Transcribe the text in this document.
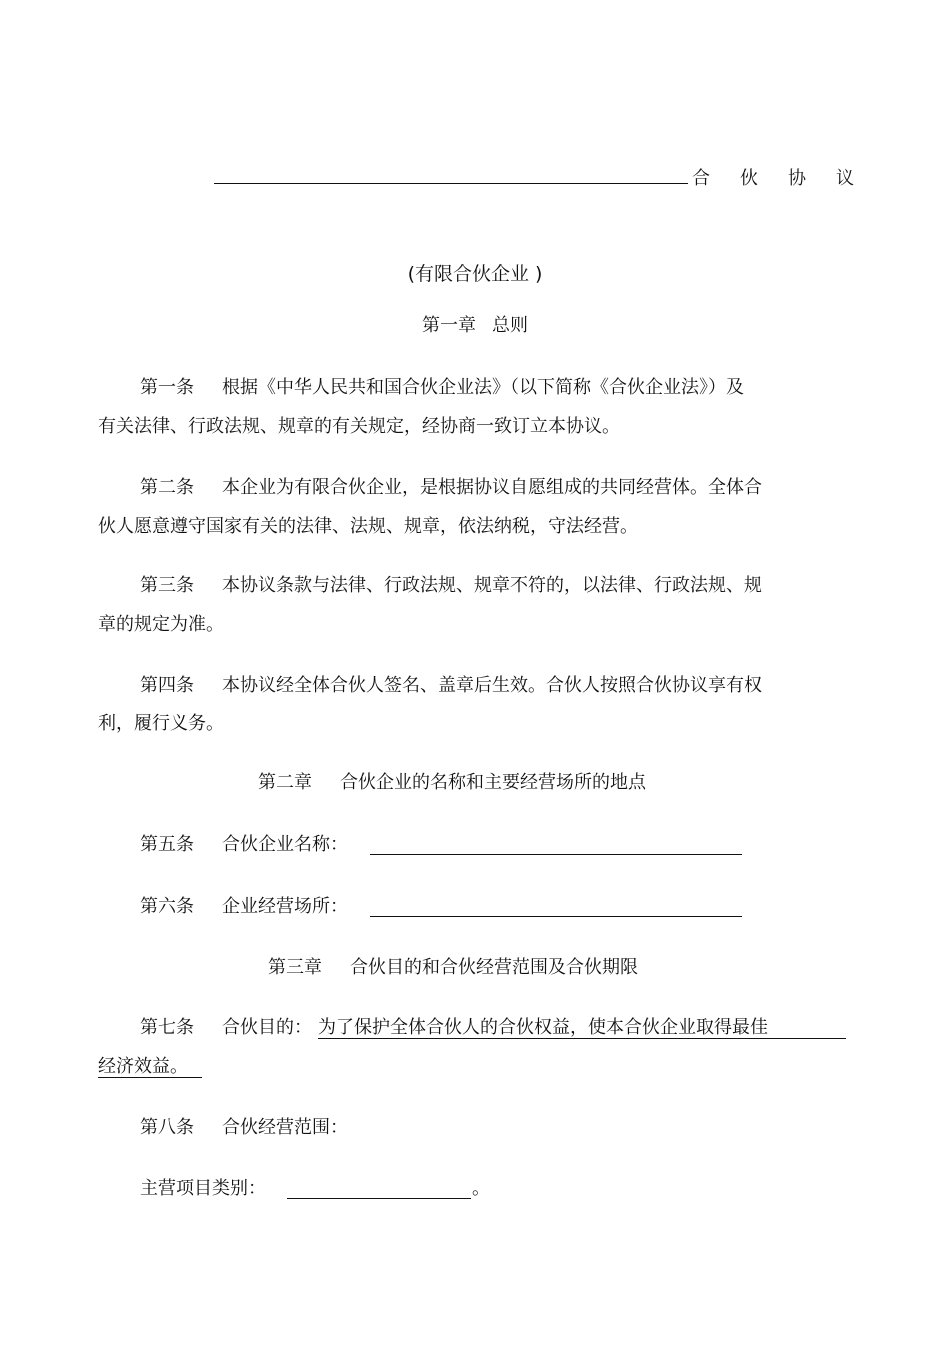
合　伙　协　议
(有限合伙企业 )
第一章 总则
第一条 根据《中华人民共和国合伙企业法》（以下简称《合伙企业法》）及
有关法律、行政法规、规章的有关规定，经协商一致订立本协议。
第二条 本企业为有限合伙企业，是根据协议自愿组成的共同经营体。全体合
伙人愿意遵守国家有关的法律、法规、规章，依法纳税，守法经营。
第三条 本协议条款与法律、行政法规、规章不符的，以法律、行政法规、规
章的规定为准。
第四条 本协议经全体合伙人签名、盖章后生效。合伙人按照合伙协议享有权
利，履行义务。
第二章 合伙企业的名称和主要经营场所的地点
第五条 合伙企业名称：
第六条 企业经营场所：
第三章 合伙目的和合伙经营范围及合伙期限
第七条 合伙目的： 为了保护全体合伙人的合伙权益，使本合伙企业取得最佳
经济效益。
第八条 合伙经营范围：
主营项目类别：	。
